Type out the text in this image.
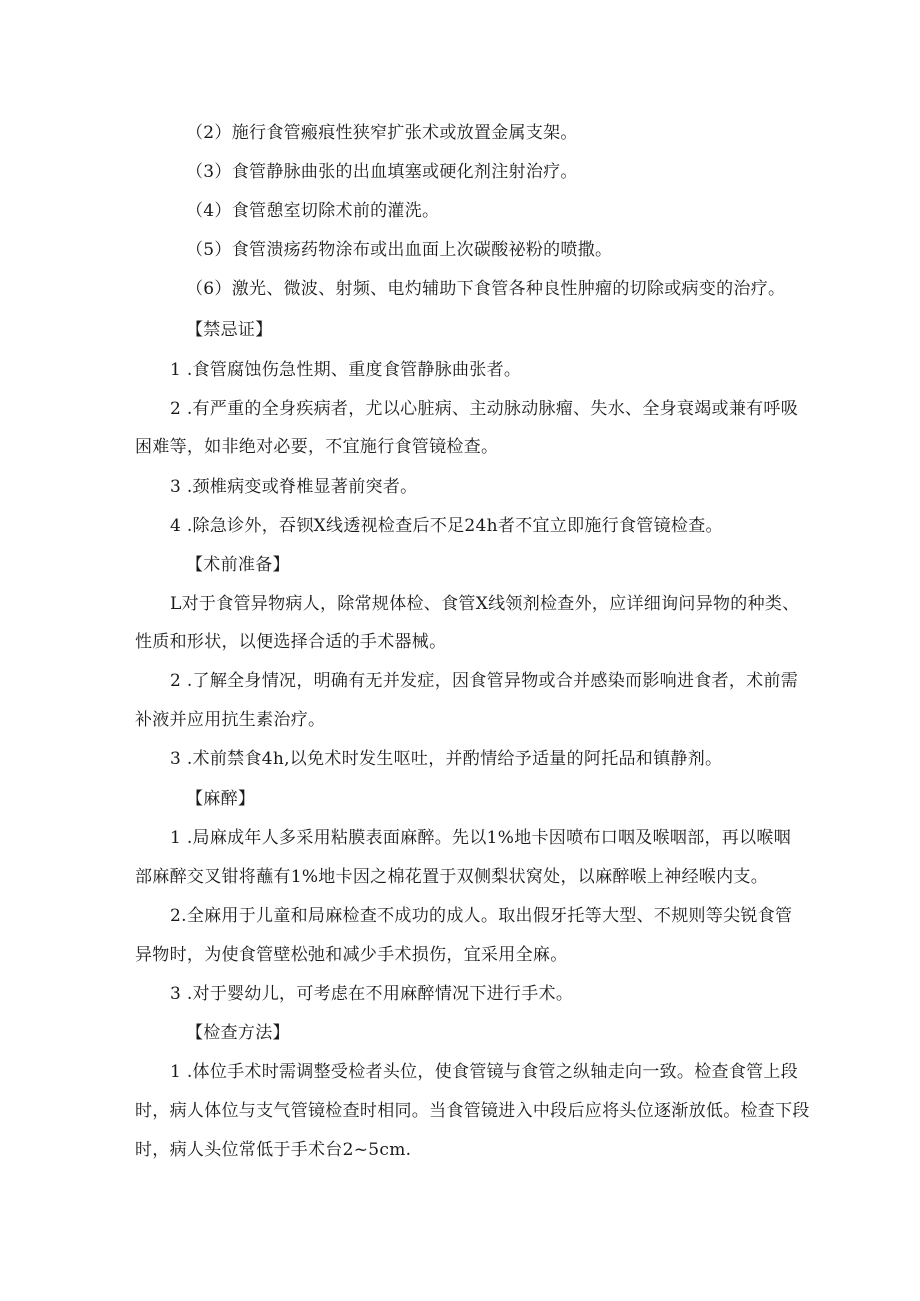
（2）施行食管瘢痕性狭窄扩张术或放置金属支架。
（3）食管静脉曲张的出血填塞或硬化剂注射治疗。
（4）食管憩室切除术前的灌洗。
（5）食管溃疡药物涂布或出血面上次碳酸祕粉的喷撒。
（6）激光、微波、射频、电灼辅助下食管各种良性肿瘤的切除或病变的治疗。
【禁忌证】
1 .食管腐蚀伤急性期、重度食管静脉曲张者。
2 .有严重的全身疾病者，尤以心脏病、主动脉动脉瘤、失水、全身衰竭或兼有呼吸
困难等，如非绝对必要，不宜施行食管镜检查。
3 .颈椎病变或脊椎显著前突者。
4 .除急诊外，吞钡X线透视检查后不足24h者不宜立即施行食管镜检查。
【术前准备】
L对于食管异物病人，除常规体检、食管X线领剂检查外，应详细询问异物的种类、
性质和形状，以便选择合适的手术器械。
2 .了解全身情况，明确有无并发症，因食管异物或合并感染而影响进食者，术前需
补液并应用抗生素治疗。
3 .术前禁食4h,以免术时发生呕吐，并酌情给予适量的阿托品和镇静剂。
【麻醉】
1 .局麻成年人多采用粘膜表面麻醉。先以1%地卡因喷布口咽及喉咽部，再以喉咽
部麻醉交叉钳将蘸有1%地卡因之棉花置于双侧梨状窝处，以麻醉喉上神经喉内支。
2.全麻用于儿童和局麻检查不成功的成人。取出假牙托等大型、不规则等尖锐食管
异物时，为使食管壁松弛和减少手术损伤，宜采用全麻。
3 .对于婴幼儿，可考虑在不用麻醉情况下进行手术。
【检查方法】
1 .体位手术时需调整受检者头位，使食管镜与食管之纵轴走向一致。检查食管上段
时，病人体位与支气管镜检查时相同。当食管镜进入中段后应将头位逐渐放低。检查下段
时，病人头位常低于手术台2~5cm.
